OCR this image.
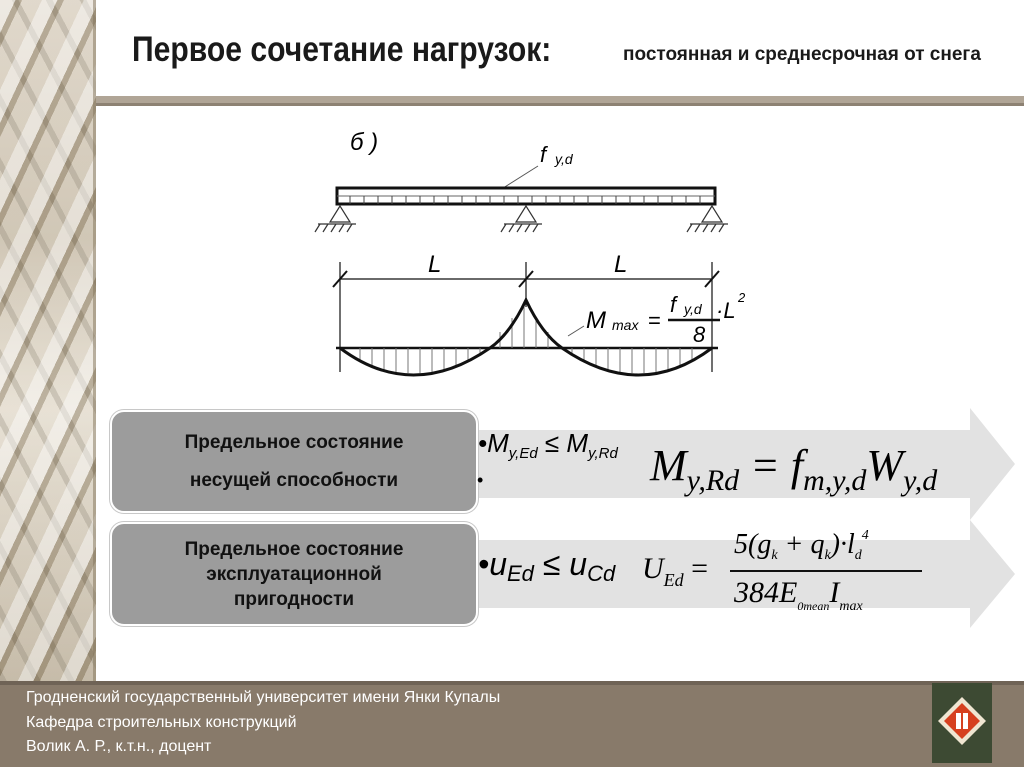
Первое сочетание нагрузок:	постоянная и среднесрочная от снега
б )	f y,d
L	L
M max =
f y,d ·L
2
8
Предельное состояние
несущей способности
Предельное состояние
эксплуатационной
пригодности
$•M_{y,Ed} \le M_{y,Rd}$
•	$M_{y,Rd} = f_{m,y,d}W_{y,d}$
$•u_{Ed} \le u_{Cd}$ $U_{Ed}$ =
$5(g_k + q_k)\cdot l_d^4$
$384E_{0mean}I_{max}$
Гродненский государственный университет имени Янки Купалы
Кафедра строительных конструкций
Волик А. Р., к.т.н., доцент
